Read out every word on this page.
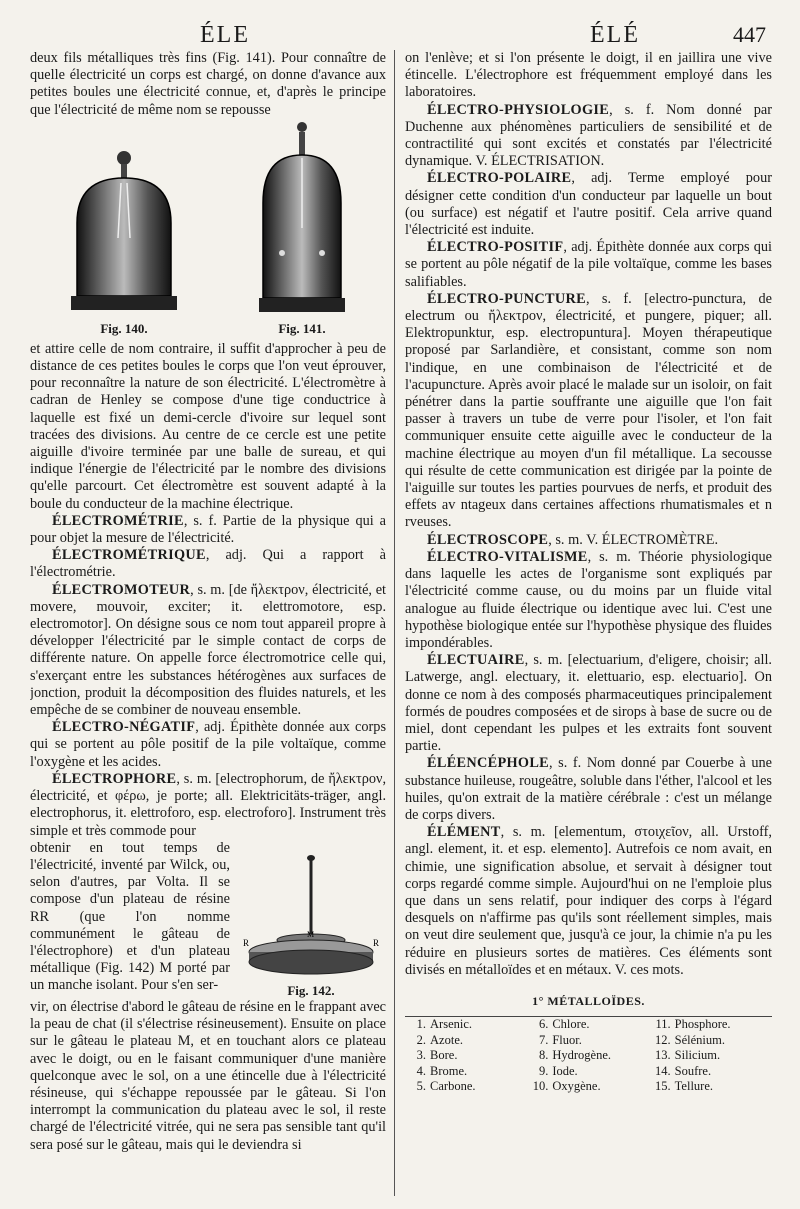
ÉLE	ÉLÉ	447

deux fils métalliques très fins (Fig. 141). Pour connaître de quelle électricité un corps est chargé, on donne d'avance aux petites boules une électricité connue, et, d'après le principe que l'électricité de même nom se repousse

Fig. 140.	Fig. 141.

et attire celle de nom contraire, il suffit d'approcher à peu de distance de ces petites boules le corps que l'on veut éprouver, pour reconnaître la nature de son électricité. L'électromètre à cadran de Henley se compose d'une tige conductrice à laquelle est fixé un demi-cercle d'ivoire sur lequel sont tracées des divisions. Au centre de ce cercle est une petite aiguille d'ivoire terminée par une balle de sureau, et qui indique l'énergie de l'électricité par le nombre des divisions qu'elle parcourt. Cet électromètre est souvent adapté à la boule du conducteur de la machine électrique.

ÉLECTROMÉTRIE, s. f. Partie de la physique qui a pour objet la mesure de l'électricité.

ÉLECTROMÉTRIQUE, adj. Qui a rapport à l'électrométrie.

ÉLECTROMOTEUR, s. m. [de ἤλεκτρον, électricité, et movere, mouvoir, exciter; it. elettromotore, esp. electromotor]. On désigne sous ce nom tout appareil propre à développer l'électricité par le simple contact de corps de différente nature. On appelle force électromotrice celle qui, s'exerçant entre les substances hétérogènes aux surfaces de jonction, produit la décomposition des fluides naturels, et les empêche de se combiner de nouveau ensemble.

ÉLECTRO-NÉGATIF, adj. Épithète donnée aux corps qui se portent au pôle positif de la pile voltaïque, comme l'oxygène et les acides.

ÉLECTROPHORE, s. m. [electrophorum, de ἤλεκτρον, électricité, et φέρω, je porte; all. Elektricitäts-träger, angl. electrophorus, it. elettroforo, esp. electroforo]. Instrument très simple et très commode pour

obtenir en tout temps de l'électricité, inventé par Wilck, ou, selon d'autres, par Volta. Il se compose d'un plateau de résine RR (que l'on nomme communément le gâteau de l'électrophore) et d'un plateau métallique (Fig. 142) M porté par un manche isolant. Pour s'en ser-

R	R
M
Fig. 142.

vir, on électrise d'abord le gâteau de résine en le frappant avec la peau de chat (il s'électrise résineusement). Ensuite on place sur le gâteau le plateau M, et en touchant alors ce plateau avec le doigt, ou en le faisant communiquer d'une manière quelconque avec le sol, on a une étincelle due à l'électricité résineuse, qui s'échappe repoussée par le gâteau. Si l'on interrompt la communication du plateau avec le sol, il reste chargé de l'électricité vitrée, qui ne sera pas sensible tant qu'il sera posé sur le gâteau, mais qui le deviendra si

on l'enlève; et si l'on présente le doigt, il en jaillira une vive étincelle. L'électrophore est fréquemment employé dans les laboratoires.

ÉLECTRO-PHYSIOLOGIE, s. f. Nom donné par Duchenne aux phénomènes particuliers de sensibilité et de contractilité qui sont excités et constatés par l'électricité dynamique. V. ÉLECTRISATION.

ÉLECTRO-POLAIRE, adj. Terme employé pour désigner cette condition d'un conducteur par laquelle un bout (ou surface) est négatif et l'autre positif. Cela arrive quand l'électricité est induite.

ÉLECTRO-POSITIF, adj. Épithète donnée aux corps qui se portent au pôle négatif de la pile voltaïque, comme les bases salifiables.

ÉLECTRO-PUNCTURE, s. f. [electro-punctura, de electrum ou ἤλεκτρον, électricité, et pungere, piquer; all. Elektropunktur, esp. electropuntura]. Moyen thérapeutique proposé par Sarlandière, et consistant, comme son nom l'indique, en une combinaison de l'électricité et de l'acupuncture. Après avoir placé le malade sur un isoloir, on fait pénétrer dans la partie souffrante une aiguille que l'on fait passer à travers un tube de verre pour l'isoler, et l'on fait communiquer ensuite cette aiguille avec le conducteur de la machine électrique au moyen d'un fil métallique. La secousse qui résulte de cette communication est dirigée par la pointe de l'aiguille sur toutes les parties pourvues de nerfs, et produit des effets av ntageux dans certaines affections rhumatismales et n rveuses.

ÉLECTROSCOPE, s. m. V. ÉLECTROMÈTRE.

ÉLECTRO-VITALISME, s. m. Théorie physiologique dans laquelle les actes de l'organisme sont expliqués par l'électricité comme cause, ou du moins par un fluide vital analogue au fluide électrique ou identique avec lui. C'est une hypothèse biologique entée sur l'hypothèse physique des fluides impondérables.

ÉLECTUAIRE, s. m. [electuarium, d'eligere, choisir; all. Latwerge, angl. electuary, it. elettuario, esp. electuario]. On donne ce nom à des composés pharmaceutiques principalement formés de poudres composées et de sirops à base de sucre ou de miel, dont cependant les pulpes et les extraits font souvent partie.

ÉLÉENCÉPHOLE, s. f. Nom donné par Couerbe à une substance huileuse, rougeâtre, soluble dans l'éther, l'alcool et les huiles, qu'on extrait de la matière cérébrale : c'est un mélange de corps divers.

ÉLÉMENT, s. m. [elementum, στοιχεῖον, all. Urstoff, angl. element, it. et esp. elemento]. Autrefois ce nom avait, en chimie, une signification absolue, et servait à désigner tout corps regardé comme simple. Aujourd'hui on ne l'emploie plus que dans un sens relatif, pour indiquer des corps à l'égard desquels on n'affirme pas qu'ils sont réellement simples, mais on veut dire seulement que, jusqu'à ce jour, la chimie n'a pu les réduire en plusieurs sortes de matières. Ces éléments sont divisés en métalloïdes et en métaux. V. ces mots.

1° MÉTALLOÏDES.
1.	Arsenic.	6.	Chlore.	11.	Phosphore.
2.	Azote.	7.	Fluor.	12.	Sélénium.
3.	Bore.	8.	Hydrogène.	13.	Silicium.
4.	Brome.	9.	Iode.	14.	Soufre.
5.	Carbone.	10.	Oxygène.	15.	Tellure.
